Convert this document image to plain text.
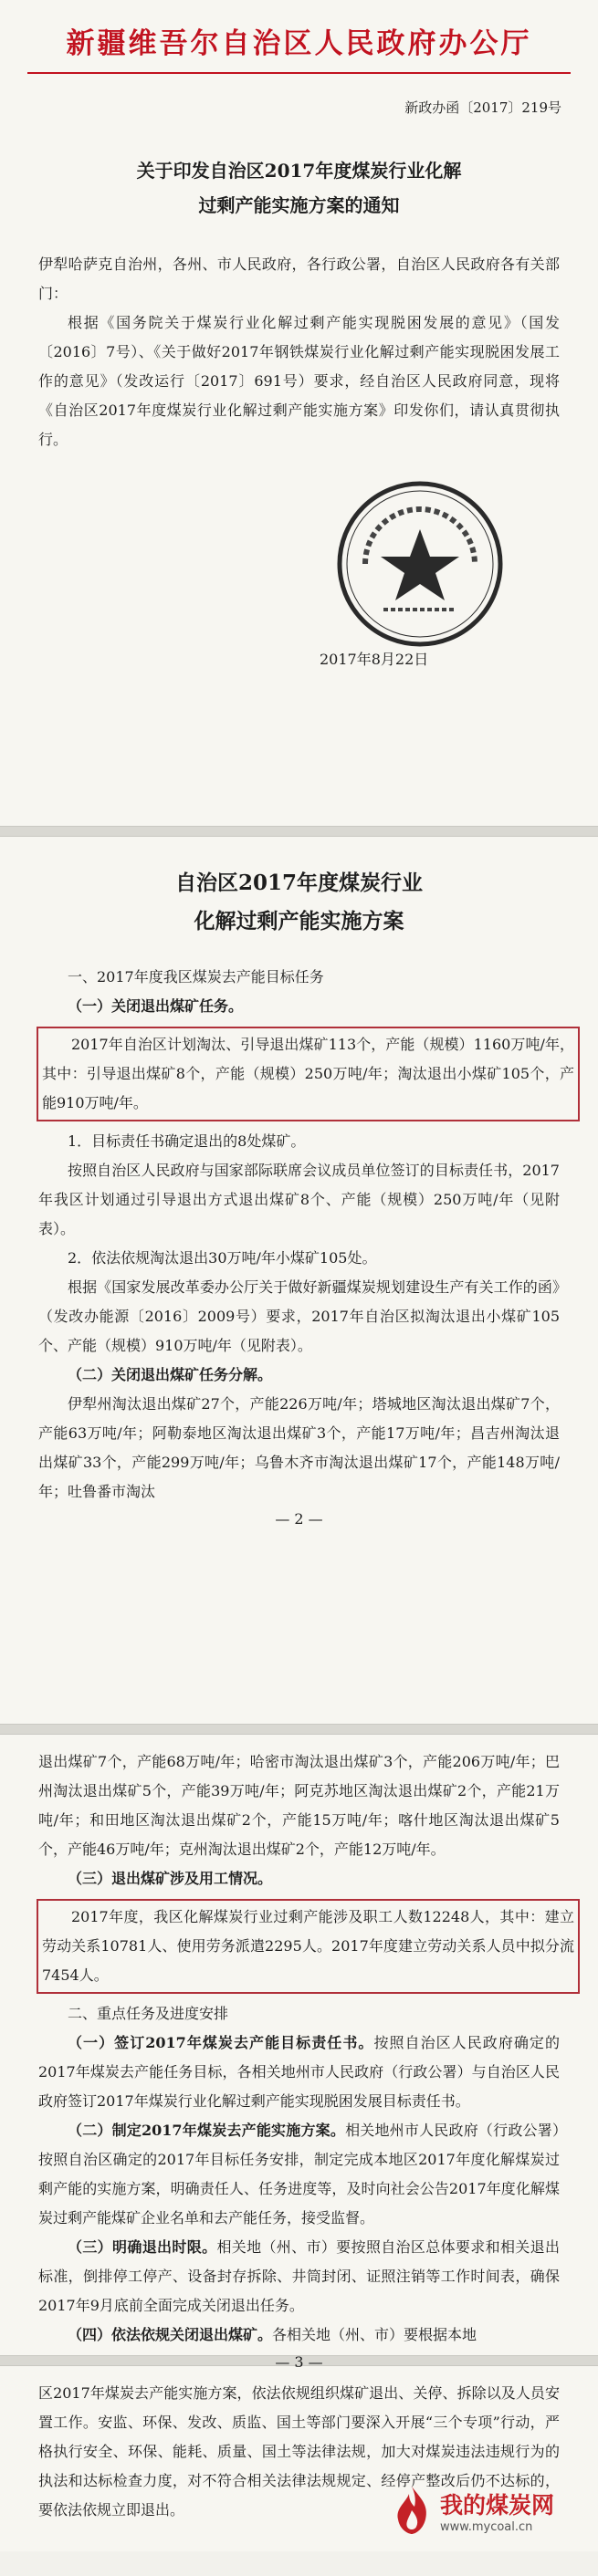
新疆维吾尔自治区人民政府办公厅
新政办函〔2017〕219号
关于印发自治区2017年度煤炭行业化解
过剩产能实施方案的通知
伊犁哈萨克自治州，各州、市人民政府，各行政公署，自治区人民政府各有关部门：
根据《国务院关于煤炭行业化解过剩产能实现脱困发展的意见》（国发〔2016〕7号）、《关于做好2017年钢铁煤炭行业化解过剩产能实现脱困发展工作的意见》（发改运行〔2017〕691号）要求，经自治区人民政府同意，现将《自治区2017年度煤炭行业化解过剩产能实施方案》印发你们，请认真贯彻执行。
2017年8月22日
自治区2017年度煤炭行业
化解过剩产能实施方案
一、2017年度我区煤炭去产能目标任务
（一）关闭退出煤矿任务。
2017年自治区计划淘汰、引导退出煤矿113个，产能（规模）1160万吨/年，其中：引导退出煤矿8个，产能（规模）250万吨/年；淘汰退出小煤矿105个，产能910万吨/年。
1．目标责任书确定退出的8处煤矿。
按照自治区人民政府与国家部际联席会议成员单位签订的目标责任书，2017年我区计划通过引导退出方式退出煤矿8个、产能（规模）250万吨/年（见附表）。
2．依法依规淘汰退出30万吨/年小煤矿105处。
根据《国家发展改革委办公厅关于做好新疆煤炭规划建设生产有关工作的函》（发改办能源〔2016〕2009号）要求，2017年自治区拟淘汰退出小煤矿105个、产能（规模）910万吨/年（见附表）。
（二）关闭退出煤矿任务分解。
伊犁州淘汰退出煤矿27个，产能226万吨/年；塔城地区淘汰退出煤矿7个，产能63万吨/年；阿勒泰地区淘汰退出煤矿3个，产能17万吨/年；昌吉州淘汰退出煤矿33个，产能299万吨/年；乌鲁木齐市淘汰退出煤矿17个，产能148万吨/年；吐鲁番市淘汰
— 2 —
退出煤矿7个，产能68万吨/年；哈密市淘汰退出煤矿3个，产能206万吨/年；巴州淘汰退出煤矿5个，产能39万吨/年；阿克苏地区淘汰退出煤矿2个，产能21万吨/年；和田地区淘汰退出煤矿2个，产能15万吨/年；喀什地区淘汰退出煤矿5个，产能46万吨/年；克州淘汰退出煤矿2个，产能12万吨/年。
（三）退出煤矿涉及用工情况。
2017年度，我区化解煤炭行业过剩产能涉及职工人数12248人，其中：建立劳动关系10781人、使用劳务派遣2295人。2017年度建立劳动关系人员中拟分流7454人。
二、重点任务及进度安排
（一）签订2017年煤炭去产能目标责任书。按照自治区人民政府确定的2017年煤炭去产能任务目标，各相关地州市人民政府（行政公署）与自治区人民政府签订2017年煤炭行业化解过剩产能实现脱困发展目标责任书。
（二）制定2017年煤炭去产能实施方案。相关地州市人民政府（行政公署）按照自治区确定的2017年目标任务安排，制定完成本地区2017年度化解煤炭过剩产能的实施方案，明确责任人、任务进度等，及时向社会公告2017年度化解煤炭过剩产能煤矿企业名单和去产能任务，接受监督。
（三）明确退出时限。相关地（州、市）要按照自治区总体要求和相关退出标准，倒排停工停产、设备封存拆除、井筒封闭、证照注销等工作时间表，确保2017年9月底前全面完成关闭退出任务。
（四）依法依规关闭退出煤矿。各相关地（州、市）要根据本地
— 3 —
区2017年煤炭去产能实施方案，依法依规组织煤矿退出、关停、拆除以及人员安置工作。安监、环保、发改、质监、国土等部门要深入开展“三个专项”行动，严格执行安全、环保、能耗、质量、国土等法律法规，加大对煤炭违法违规行为的执法和达标检查力度，对不符合相关法律法规规定、经停产整改后仍不达标的，要依法依规立即退出。	我的煤炭网
www.mycoal.cn
